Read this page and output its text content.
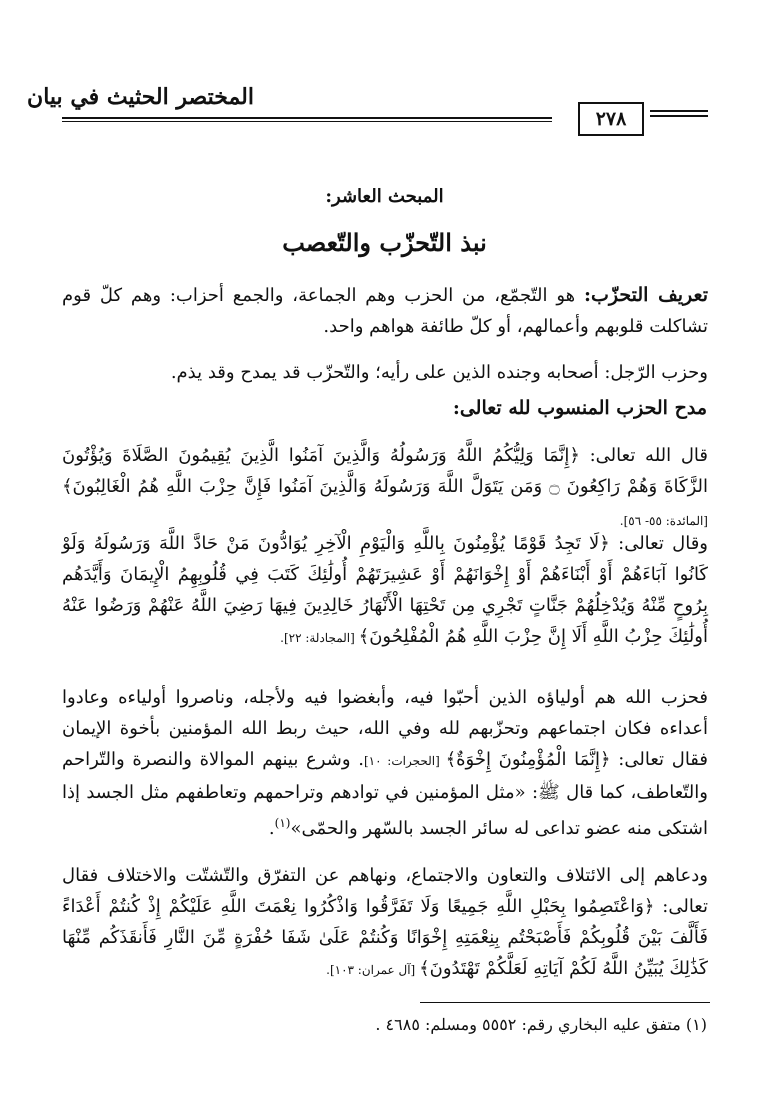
المختصر الحثيث في بيان
٢٧٨
المبحث العاشر:
نبذ التّحزّب والتّعصب
تعريف التحزّب: هو التّجمّع، من الحزب وهم الجماعة، والجمع أحزاب: وهم كلّ قوم تشاكلت قلوبهم وأعمالهم، أو كلّ طائفة هواهم واحد.
وحزب الرّجل: أصحابه وجنده الذين على رأيه؛ والتّحزّب قد يمدح وقد يذم.
مدح الحزب المنسوب لله تعالى:
قال الله تعالى: ﴿إِنَّمَا وَلِيُّكُمُ اللَّهُ وَرَسُولُهُ وَالَّذِينَ آمَنُوا الَّذِينَ يُقِيمُونَ الصَّلَاةَ وَيُؤْتُونَ الزَّكَاةَ وَهُمْ رَاكِعُونَ ۝ وَمَن يَتَوَلَّ اللَّهَ وَرَسُولَهُ وَالَّذِينَ آمَنُوا فَإِنَّ حِزْبَ اللَّهِ هُمُ الْغَالِبُونَ﴾ [المائدة: ٥٥- ٥٦].
وقال تعالى: ﴿لَا تَجِدُ قَوْمًا يُؤْمِنُونَ بِاللَّهِ وَالْيَوْمِ الْآخِرِ يُوَادُّونَ مَنْ حَادَّ اللَّهَ وَرَسُولَهُ وَلَوْ كَانُوا آبَاءَهُمْ أَوْ أَبْنَاءَهُمْ أَوْ إِخْوَانَهُمْ أَوْ عَشِيرَتَهُمْ أُولَٰئِكَ كَتَبَ فِي قُلُوبِهِمُ الْإِيمَانَ وَأَيَّدَهُم بِرُوحٍ مِّنْهُ وَيُدْخِلُهُمْ جَنَّاتٍ تَجْرِي مِن تَحْتِهَا الْأَنْهَارُ خَالِدِينَ فِيهَا رَضِيَ اللَّهُ عَنْهُمْ وَرَضُوا عَنْهُ أُولَٰئِكَ حِزْبُ اللَّهِ أَلَا إِنَّ حِزْبَ اللَّهِ هُمُ الْمُفْلِحُونَ﴾ [المجادلة: ٢٢].
فحزب الله هم أولياؤه الذين أحبّوا فيه، وأبغضوا فيه ولأجله، وناصروا أولياءه وعادوا أعداءه فكان اجتماعهم وتحزّبهم لله وفي الله، حيث ربط الله المؤمنين بأخوة الإيمان فقال تعالى: ﴿إِنَّمَا الْمُؤْمِنُونَ إِخْوَةٌ﴾ [الحجرات: ١٠]. وشرع بينهم الموالاة والنصرة والتّراحم والتّعاطف، كما قال ﷺ: «مثل المؤمنين في توادهم وتراحمهم وتعاطفهم مثل الجسد إذا اشتكى منه عضو تداعى له سائر الجسد بالسّهر والحمّى»$^{(١)}$.
ودعاهم إلى الائتلاف والتعاون والاجتماع، ونهاهم عن التفرّق والتّشتّت والاختلاف فقال تعالى: ﴿وَاعْتَصِمُوا بِحَبْلِ اللَّهِ جَمِيعًا وَلَا تَفَرَّقُوا وَاذْكُرُوا نِعْمَتَ اللَّهِ عَلَيْكُمْ إِذْ كُنتُمْ أَعْدَاءً فَأَلَّفَ بَيْنَ قُلُوبِكُمْ فَأَصْبَحْتُم بِنِعْمَتِهِ إِخْوَانًا وَكُنتُمْ عَلَىٰ شَفَا حُفْرَةٍ مِّنَ النَّارِ فَأَنقَذَكُم مِّنْهَا كَذَٰلِكَ يُبَيِّنُ اللَّهُ لَكُمْ آيَاتِهِ لَعَلَّكُمْ تَهْتَدُونَ﴾ [آل عمران: ١٠٣].
(١) متفق عليه البخاري رقم: ٥٥٥٢ ومسلم: ٤٦٨٥ .
